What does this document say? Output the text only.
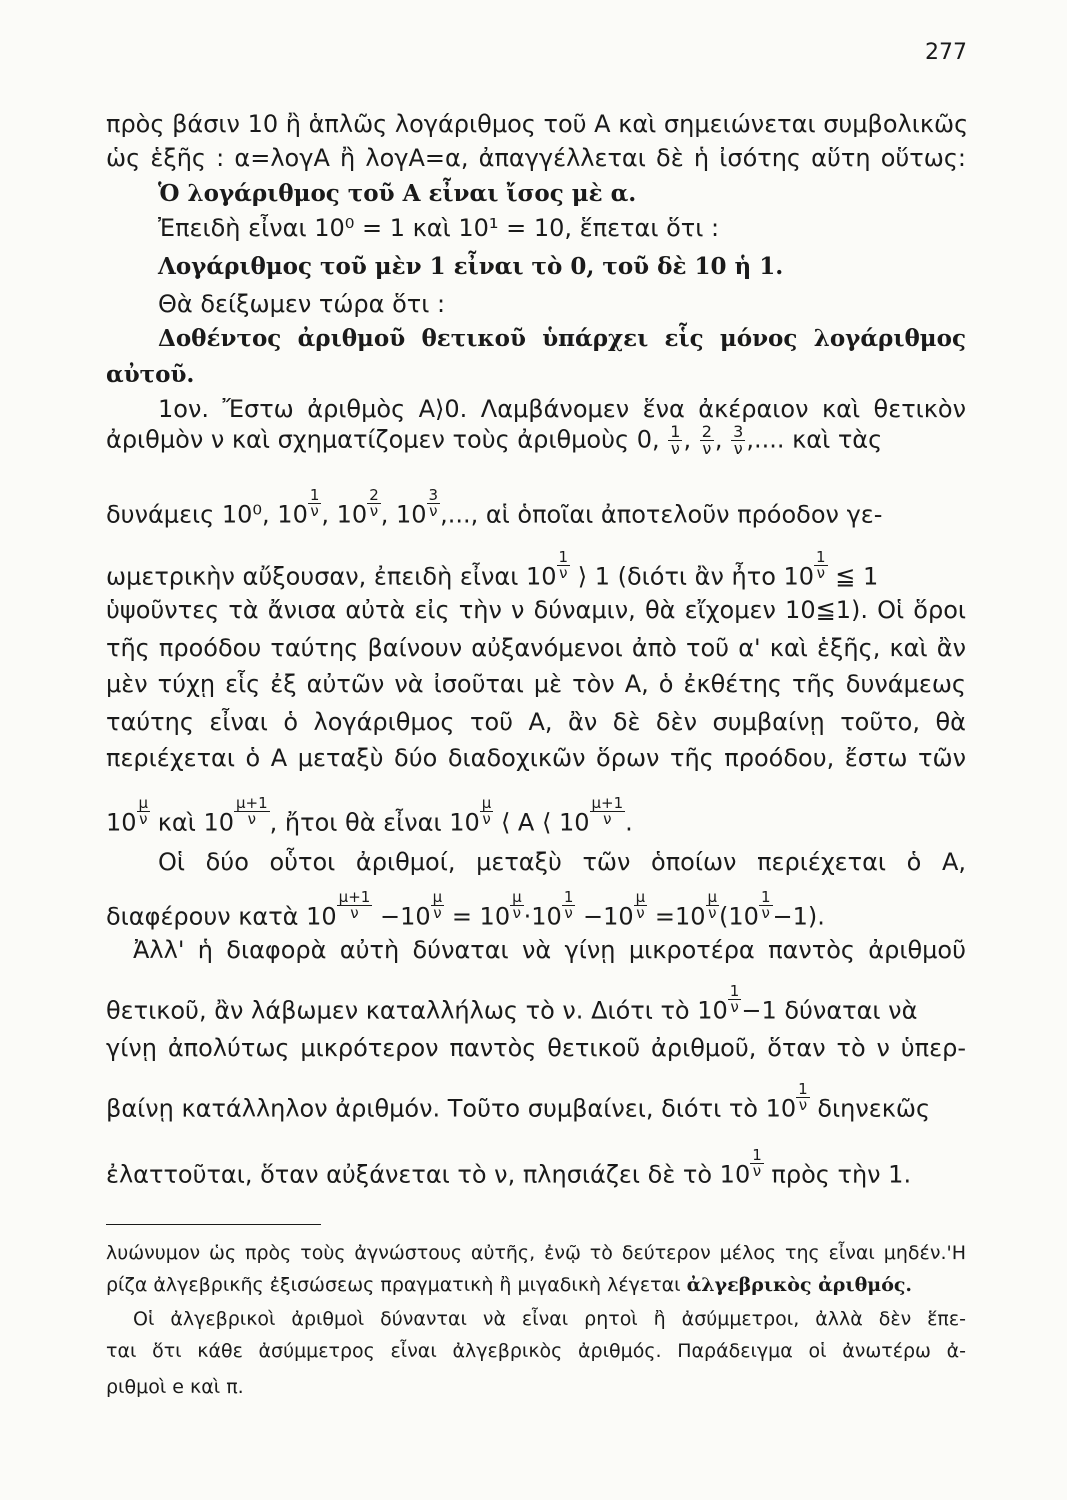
277
πρὸς βάσιν 10 ἢ ἁπλῶς λογάριθμος τοῦ Α καὶ σημειώνεται συμβολικῶς
ὡς ἑξῆς : α=λογΑ ἢ λογΑ=α, ἀπαγγέλλεται δὲ ἡ ἰσότης αὕτη οὕτως:
Ὁ λογάριθμος τοῦ Α εἶναι ἴσος μὲ α.
Ἐπειδὴ εἶναι 10⁰ = 1 καὶ 10¹ = 10, ἕπεται ὅτι :
Λογάριθμος τοῦ μὲν 1 εἶναι τὸ 0, τοῦ δὲ 10 ἡ 1.
Θὰ δείξωμεν τώρα ὅτι :
Δοθέντος ἀριθμοῦ θετικοῦ ὑπάρχει εἷς μόνος λογάριθμος
αὐτοῦ.
1ον. Ἔστω ἀριθμὸς Α⟩0. Λαμβάνομεν ἕνα ἀκέραιον καὶ θετικὸν
ἀριθμὸν ν καὶ σχηματίζομεν τοὺς ἀριθμοὺς 0, $\frac{1}{\nu}$ , $\frac{2}{\nu}$ , $\frac{3}{\nu}$ ,.... καὶ τὰς
δυνάμεις 10⁰, $10 \frac{1}{\nu}$ , $10 \frac{2}{\nu}$ , $10 \frac{3}{\nu}$ ,..., αἱ ὁποῖαι ἀποτελοῦν πρόοδον γε-
ωμετρικὴν αὔξουσαν, ἐπειδὴ εἶναι $10 \frac{1}{\nu}$ ⟩ 1 (διότι ἂν ἦτο $10 \frac{1}{\nu}$ ≦ 1
ὑψοῦντες τὰ ἄνισα αὐτὰ εἰς τὴν ν δύναμιν, θὰ εἴχομεν 10≦1). Οἱ ὅροι
τῆς προόδου ταύτης βαίνουν αὐξανόμενοι ἀπὸ τοῦ α' καὶ ἑξῆς, καὶ ἂν
μὲν τύχῃ εἷς ἐξ αὐτῶν νὰ ἰσοῦται μὲ τὸν Α, ὁ ἐκθέτης τῆς δυνάμεως
ταύτης εἶναι ὁ λογάριθμος τοῦ Α, ἂν δὲ δὲν συμβαίνῃ τοῦτο, θὰ
περιέχεται ὁ Α μεταξὺ δύο διαδοχικῶν ὅρων τῆς προόδου, ἔστω τῶν
$10 \frac{\mu}{\nu}$ καὶ $10 \frac{\mu+1}{\nu}$ , ἤτοι θὰ εἶναι $10 \frac{\mu}{\nu}$ ⟨ Α ⟨ $10 \frac{\mu+1}{\nu}$ .
Οἱ δύο οὗτοι ἀριθμοί, μεταξὺ τῶν ὁποίων περιέχεται ὁ Α,
διαφέρουν κατὰ $10 \frac{\mu+1}{\nu} -10 \frac{\mu}{\nu} = 10 \frac{\mu}{\nu} \cdot 10 \frac{1}{\nu} -10 \frac{\mu}{\nu} =10 \frac{\mu}{\nu} (10 \frac{1}{\nu} -1)$.
Ἀλλ' ἡ διαφορὰ αὐτὴ δύναται νὰ γίνῃ μικροτέρα παντὸς ἀριθμοῦ
θετικοῦ, ἂν λάβωμεν καταλλήλως τὸ ν. Διότι τὸ $10 \frac{1}{\nu} -1$ δύναται νὰ
γίνῃ ἀπολύτως μικρότερον παντὸς θετικοῦ ἀριθμοῦ, ὅταν τὸ ν ὑπερ-
βαίνῃ κατάλληλον ἀριθμόν. Τοῦτο συμβαίνει, διότι τὸ $10 \frac{1}{\nu}$ διηνεκῶς
ἐλαττοῦται, ὅταν αὐξάνεται τὸ ν, πλησιάζει δὲ τὸ $10 \frac{1}{\nu}$ πρὸς τὴν 1.
λυώνυμον ὡς πρὸς τοὺς ἀγνώστους αὐτῆς, ἐνῷ τὸ δεύτερον μέλος της εἶναι μηδέν.'Η
ρίζα ἀλγεβρικῆς ἐξισώσεως πραγματικὴ ἢ μιγαδικὴ λέγεται ἀλγεβρικὸς ἀριθμός.
Οἱ ἀλγεβρικοὶ ἀριθμοὶ δύνανται νὰ εἶναι ρητοὶ ἢ ἀσύμμετροι, ἀλλὰ δὲν ἕπε-
ται ὅτι κάθε ἀσύμμετρος εἶναι ἀλγεβρικὸς ἀριθμός. Παράδειγμα οἱ ἀνωτέρω ἀ-
ριθμοὶ e καὶ π.
